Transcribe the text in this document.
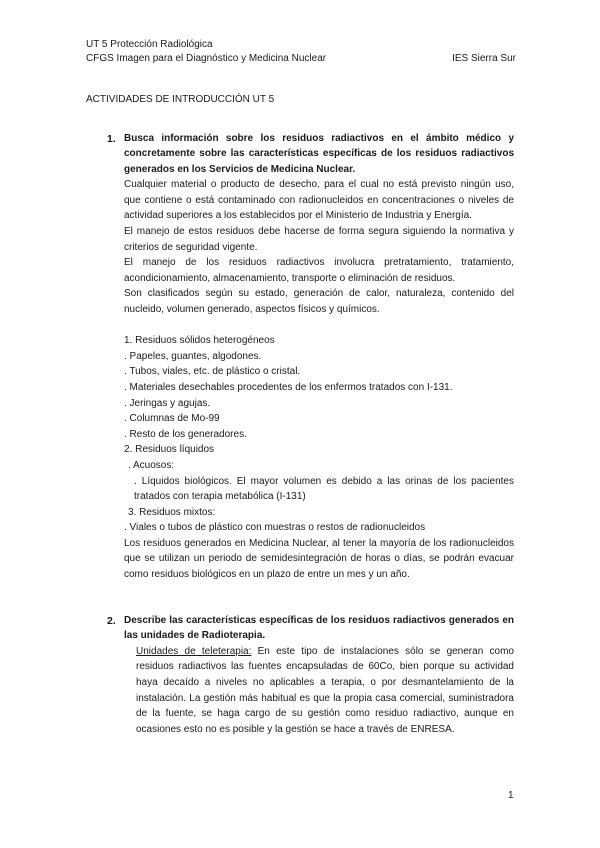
UT 5 Protección Radiológica
CFGS Imagen para el Diagnóstico y Medicina Nuclear	IES Sierra Sur
ACTIVIDADES DE INTRODUCCIÓN UT 5
1. Busca información sobre los residuos radiactivos en el ámbito médico y concretamente sobre las características específicas de los residuos radiactivos generados en los Servicios de Medicina Nuclear.

Cualquier material o producto de desecho, para el cual no está previsto ningún uso, que contiene o está contaminado con radionucleidos en concentraciones o niveles de actividad superiores a los establecidos por el Ministerio de Industria y Energía.

El manejo de estos residuos debe hacerse de forma segura siguiendo la normativa y criterios de seguridad vigente.

El manejo de los residuos radiactivos involucra pretratamiento, tratamiento, acondicionamiento, almacenamiento, transporte o eliminación de residuos.

Son clasificados según su estado, generación de calor, naturaleza, contenido del nucleido, volumen generado, aspectos físicos y químicos.

1. Residuos sólidos heterogéneos

. Papeles, guantes, algodones.

. Tubos, viales, etc. de plástico o cristal.

. Materiales desechables procedentes de los enfermos tratados con I-131.

. Jeringas y agujas.

. Columnas de Mo-99

. Resto de los generadores.

2. Residuos líquidos

. Acuosos:

. Líquidos biológicos. El mayor volumen es debido a las orinas de los pacientes tratados con terapia metabólica (I-131)

3. Residuos mixtos:

. Viales o tubos de plástico con muestras o restos de radionucleidos

Los residuos generados en Medicina Nuclear, al tener la mayoría de los radionucleidos que se utilizan un periodo de semidesintegración de horas o días, se podrán evacuar como residuos biológicos en un plazo de entre un mes y un año.

2. Describe las características específicas de los residuos radiactivos generados en las unidades de Radioterapia.

Unidades de teleterapia: En este tipo de instalaciones sólo se generan como residuos radiactivos las fuentes encapsuladas de 60Co, bien porque su actividad haya decaído a niveles no aplicables a terapia, o por desmantelamiento de la instalación. La gestión más habitual es que la propia casa comercial, suministradora de la fuente, se haga cargo de su gestión como residuo radiactivo, aunque en ocasiones esto no es posible y la gestión se hace a través de ENRESA.

1
